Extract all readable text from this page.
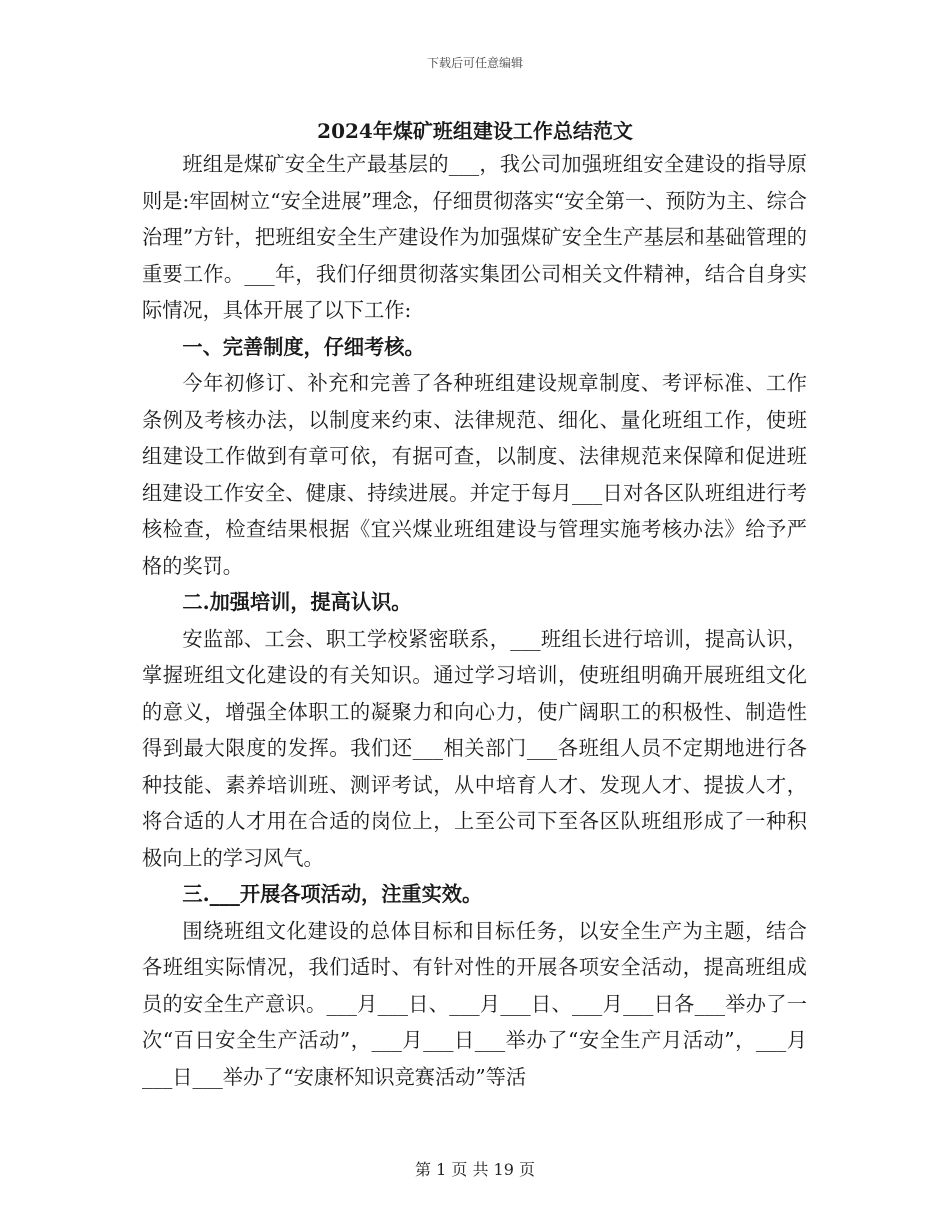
下载后可任意编辑
2024年煤矿班组建设工作总结范文

班组是煤矿安全生产最基层的___，我公司加强班组安全建设的指导原则是:牢固树立“安全进展”理念，仔细贯彻落实“安全第一、预防为主、综合治理”方针，把班组安全生产建设作为加强煤矿安全生产基层和基础管理的重要工作。___年，我们仔细贯彻落实集团公司相关文件精神，结合自身实际情况，具体开展了以下工作:

一、完善制度，仔细考核。

今年初修订、补充和完善了各种班组建设规章制度、考评标准、工作条例及考核办法，以制度来约束、法律规范、细化、量化班组工作，使班组建设工作做到有章可依，有据可查，以制度、法律规范来保障和促进班组建设工作安全、健康、持续进展。并定于每月___日对各区队班组进行考核检查，检查结果根据《宜兴煤业班组建设与管理实施考核办法》给予严格的奖罚。

二.加强培训，提高认识。

安监部、工会、职工学校紧密联系，___班组长进行培训，提高认识，掌握班组文化建设的有关知识。通过学习培训，使班组明确开展班组文化的意义，增强全体职工的凝聚力和向心力，使广阔职工的积极性、制造性得到最大限度的发挥。我们还___相关部门___各班组人员不定期地进行各种技能、素养培训班、测评考试，从中培育人才、发现人才、提拔人才，将合适的人才用在合适的岗位上，上至公司下至各区队班组形成了一种积极向上的学习风气。

三.___开展各项活动，注重实效。

围绕班组文化建设的总体目标和目标任务，以安全生产为主题，结合各班组实际情况，我们适时、有针对性的开展各项安全活动，提高班组成员的安全生产意识。___月___日、___月___日、___月___日各___举办了一次“百日安全生产活动”，___月___日___举办了“安全生产月活动”，___月___日___举办了“安康杯知识竞赛活动”等活

第 1 页 共 19 页
